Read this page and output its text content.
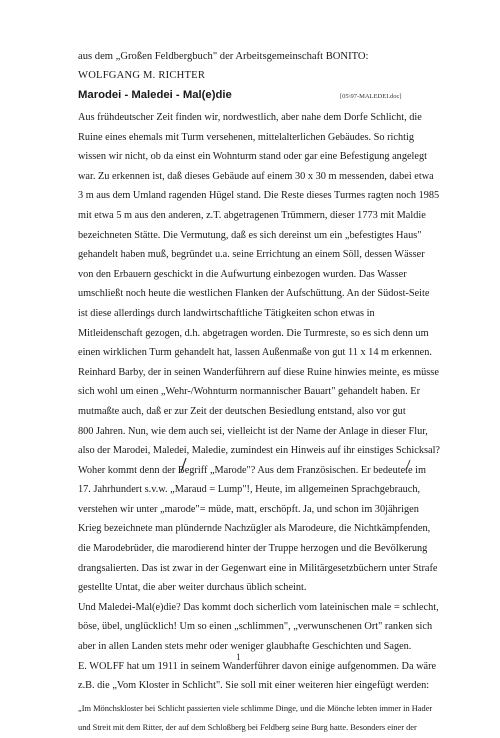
aus dem „Großen Feldbergbuch" der Arbeitsgemeinschaft BONITO:
WOLFGANG M. RICHTER
Marodei - Maledei - Mal(e)die	[05\97-MALEDEI.doc]
Aus frühdeutscher Zeit finden wir, nordwestlich, aber nahe dem Dorfe Schlicht, die
Ruine eines ehemals mit Turm versehenen, mittelalterlichen Gebäudes. So richtig
wissen wir nicht, ob da einst ein Wohnturm stand oder gar eine Befestigung angelegt
war. Zu erkennen ist, daß dieses Gebäude auf einem 30 x 30 m messenden, dabei etwa
3 m aus dem Umland ragenden Hügel stand. Die Reste dieses Turmes ragten noch 1985
mit etwa 5 m aus den anderen, z.T. abgetragenen Trümmern, dieser 1773 mit Maldie
bezeichneten Stätte. Die Vermutung, daß es sich dereinst um ein „befestigtes Haus"
gehandelt haben muß, begründet u.a. seine Errichtung an einem Söll, dessen Wässer
von den Erbauern geschickt in die Aufwurtung einbezogen wurden. Das Wasser
umschließt noch heute die westlichen Flanken der Aufschüttung. An der Südost-Seite
ist diese allerdings durch landwirtschaftliche Tätigkeiten schon etwas in
Mitleidenschaft gezogen, d.h. abgetragen worden. Die Turmreste, so es sich denn um
einen wirklichen Turm gehandelt hat, lassen Außenmaße von gut 11 x 14 m erkennen.
Reinhard Barby, der in seinen Wanderführern auf diese Ruine hinwies meinte, es müsse
sich wohl um einen „Wehr-/Wohnturm normannischer Bauart" gehandelt haben. Er
mutmaßte auch, daß er zur Zeit der deutschen Besiedlung entstand, also vor gut
800 Jahren. Nun, wie dem auch sei, vielleicht ist der Name der Anlage in dieser Flur,
also der Marodei, Maledei, Maledie, zumindest ein Hinweis auf ihr einstiges Schicksal?
Woher kommt denn der Begriff „Marode"? Aus dem Französischen. Er bedeutete im
17. Jahrhundert s.v.w. „Maraud = Lump"!, Heute, im allgemeinen Sprachgebrauch,
verstehen wir unter „marode"= müde, matt, erschöpft. Ja, und schon im 30jährigen
Krieg bezeichnete man plündernde Nachzügler als Marodeure, die Nichtkämpfenden,
die Marodebrüder, die marodierend hinter der Truppe herzogen und die Bevölkerung
drangsalierten. Das ist zwar in der Gegenwart eine in Militärgesetzbüchern unter Strafe
gestellte Untat, die aber weiter durchaus üblich scheint.
Und Maledei-Mal(e)die? Das kommt doch sicherlich vom lateinischen male = schlecht,
böse, übel, unglücklich! Um so einen „schlimmen", „verwunschenen Ort" ranken sich
aber in allen Landen stets mehr oder weniger glaubhafte Geschichten und Sagen.
E. WOLFF hat um 1911 in seinem Wanderführer davon einige aufgenommen. Da wäre
z.B. die „Vom Kloster in Schlicht". Sie soll mit einer weiteren hier eingefügt werden:
„Im Mönchskloster bei Schlicht passierten viele schlimme Dinge, und die Mönche lebten immer in Hader
und Streit mit dem Ritter, der auf dem Schloßberg bei Feldberg seine Burg hatte. Besonders einer der
1
